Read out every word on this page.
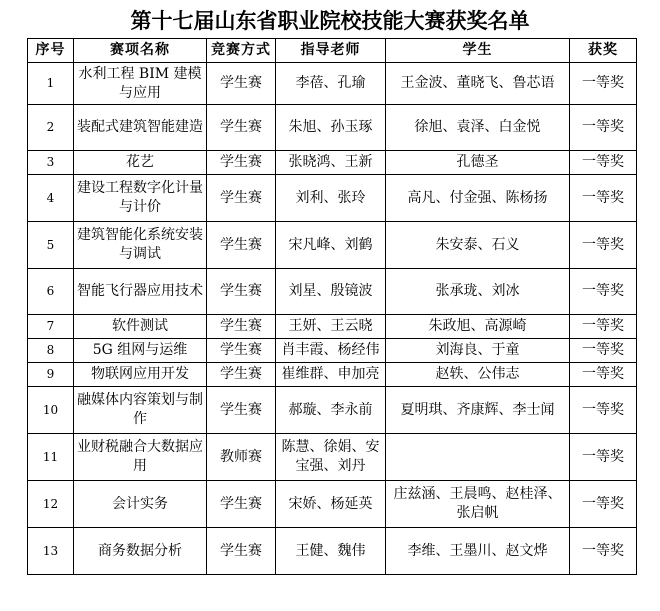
第十七届山东省职业院校技能大赛获奖名单
序号	赛项名称	竞赛方式	指导老师	学生	获奖
1	水利工程 BIM 建模与应用	学生赛	李蓓、孔瑜	王金波、董晓飞、鲁芯语	一等奖
2	装配式建筑智能建造	学生赛	朱旭、孙玉琢	徐旭、袁泽、白金悦	一等奖
3	花艺	学生赛	张晓鸿、王新	孔德圣	一等奖
4	建设工程数字化计量与计价	学生赛	刘利、张玲	高凡、付金强、陈杨扬	一等奖
5	建筑智能化系统安装与调试	学生赛	宋凡峰、刘鹤	朱安泰、石义	一等奖
6	智能飞行器应用技术	学生赛	刘星、殷镜波	张承珑、刘冰	一等奖
7	软件测试	学生赛	王妍、王云晓	朱政旭、高源崎	一等奖
8	5G 组网与运维	学生赛	肖丰霞、杨经伟	刘海良、于童	一等奖
9	物联网应用开发	学生赛	崔维群、申加亮	赵轶、公伟志	一等奖
10	融媒体内容策划与制作	学生赛	郝璇、李永前	夏明琪、齐康辉、李士闻	一等奖
11	业财税融合大数据应用	教师赛	陈慧、徐娟、安宝强、刘丹		一等奖
12	会计实务	学生赛	宋娇、杨延英	庄兹涵、王晨鸣、赵桂泽、张启帆	一等奖
13	商务数据分析	学生赛	王健、魏伟	李维、王墨川、赵文烨	一等奖
